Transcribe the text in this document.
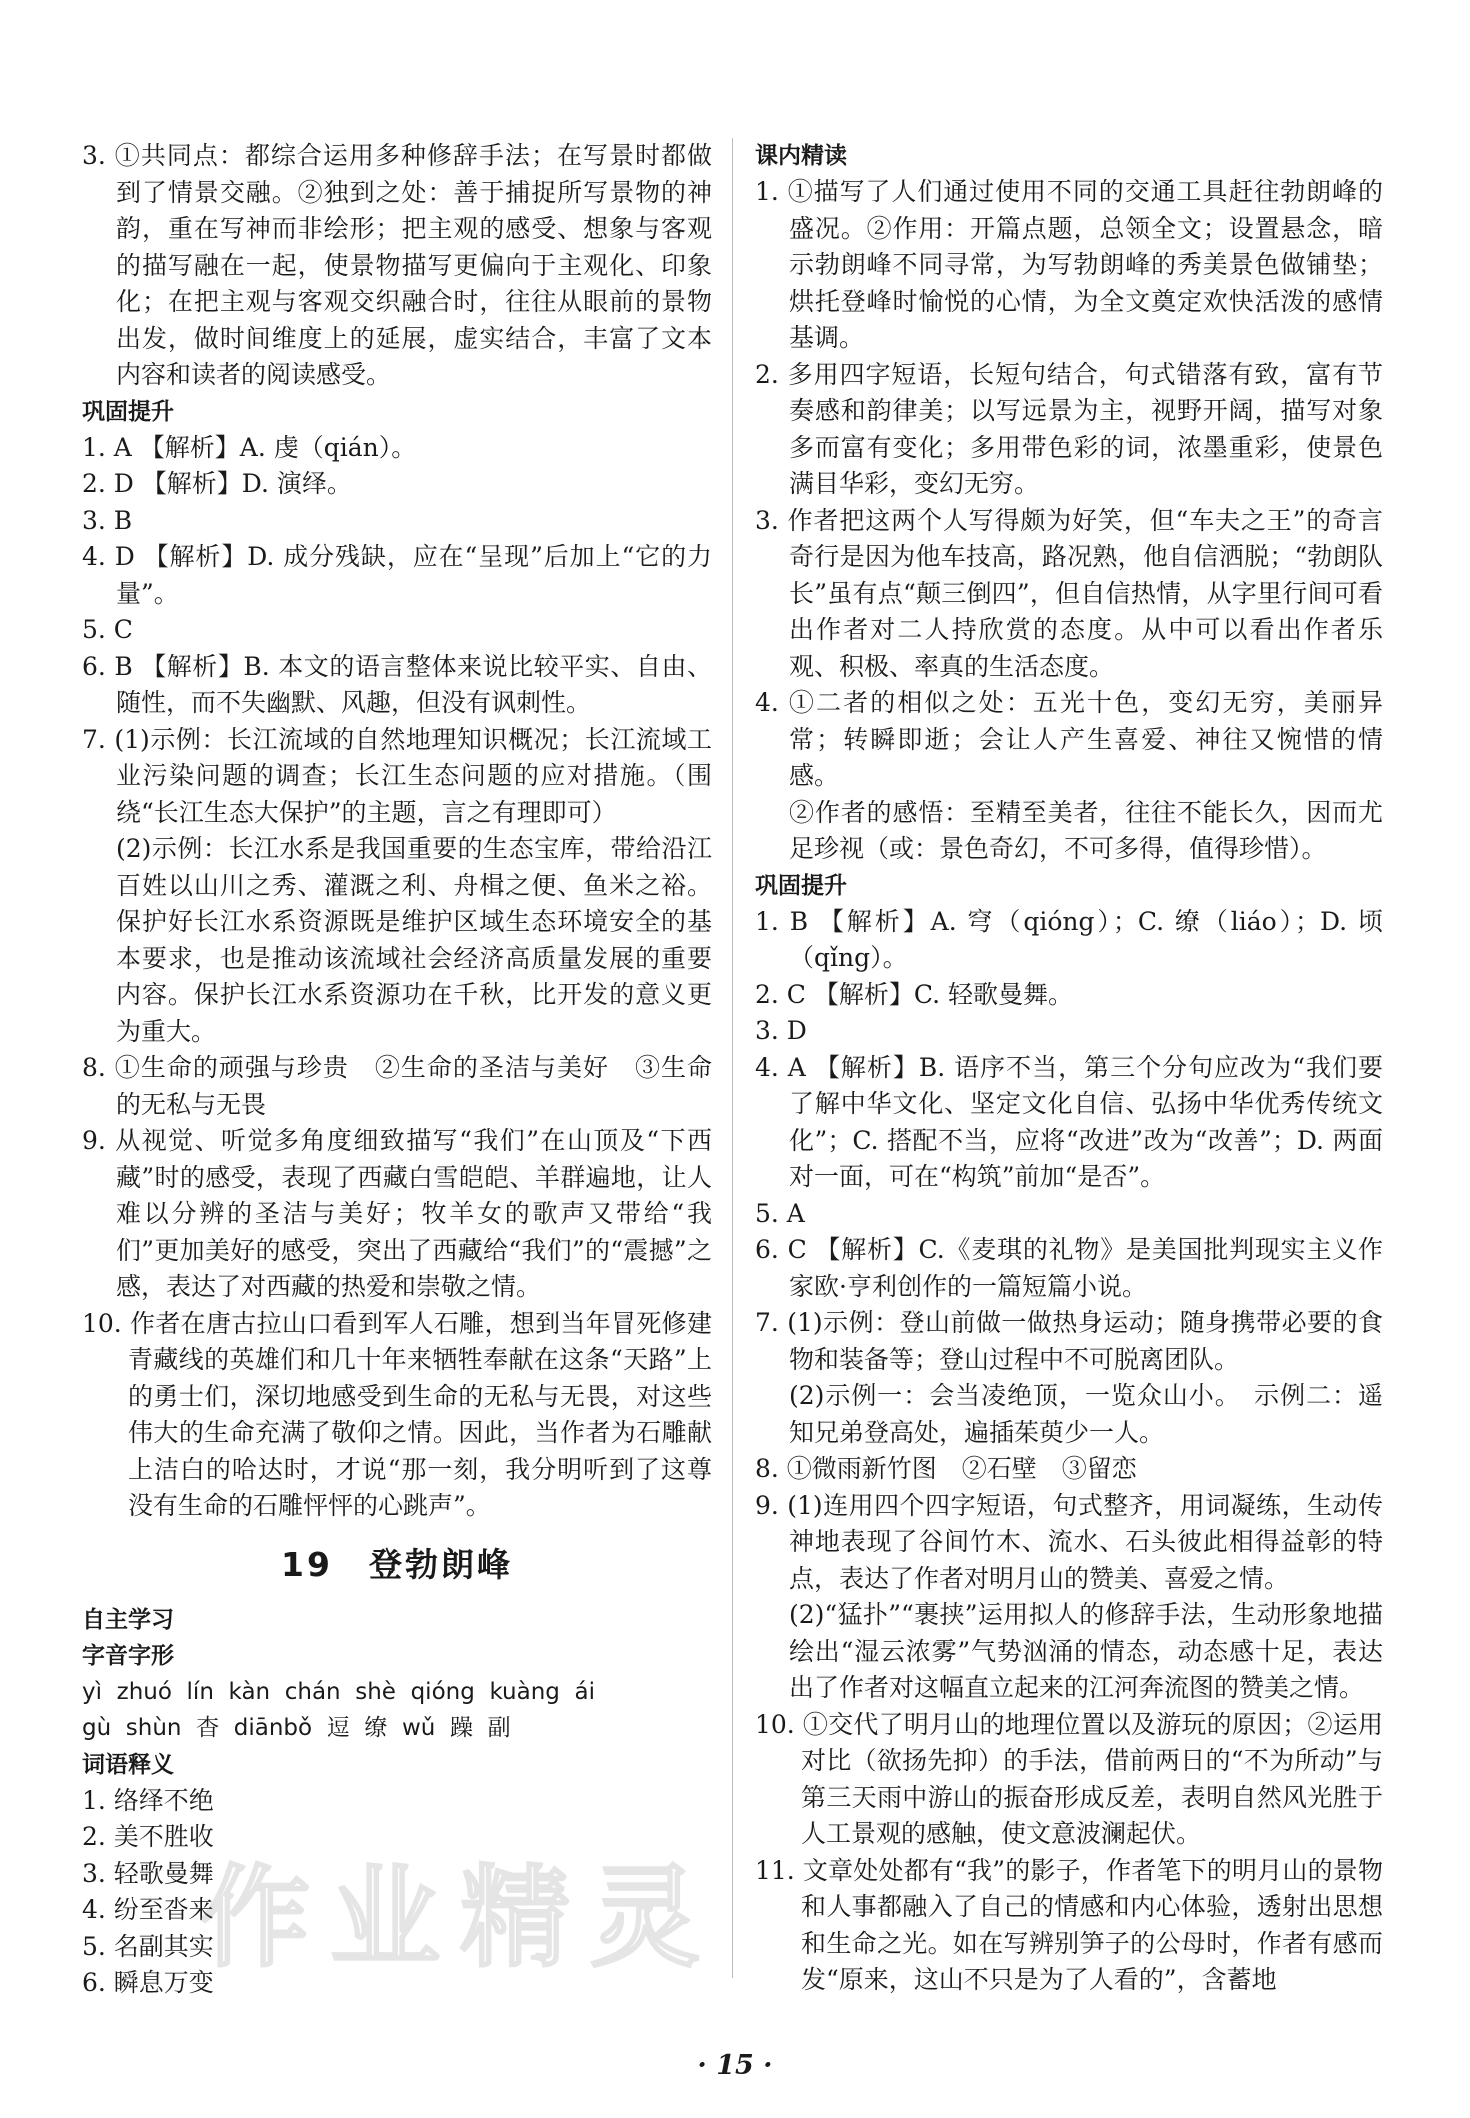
3. ①共同点：都综合运用多种修辞手法；在写景时都做到了情景交融。②独到之处：善于捕捉所写景物的神韵，重在写神而非绘形；把主观的感受、想象与客观的描写融在一起，使景物描写更偏向于主观化、印象化；在把主观与客观交织融合时，往往从眼前的景物出发，做时间维度上的延展，虚实结合，丰富了文本内容和读者的阅读感受。

巩固提升

1. A 【解析】A. 虔（qián）。

2. D 【解析】D. 演绎。

3. B

4. D 【解析】D. 成分残缺，应在“呈现”后加上“它的力量”。

5. C

6. B 【解析】B. 本文的语言整体来说比较平实、自由、随性，而不失幽默、风趣，但没有讽刺性。

7. (1)示例：长江流域的自然地理知识概况；长江流域工业污染问题的调查；长江生态问题的应对措施。（围绕“长江生态大保护”的主题，言之有理即可）

(2)示例：长江水系是我国重要的生态宝库，带给沿江百姓以山川之秀、灌溉之利、舟楫之便、鱼米之裕。保护好长江水系资源既是维护区域生态环境安全的基本要求，也是推动该流域社会经济高质量发展的重要内容。保护长江水系资源功在千秋，比开发的意义更为重大。

8. ①生命的顽强与珍贵　②生命的圣洁与美好　③生命的无私与无畏

9. 从视觉、听觉多角度细致描写“我们”在山顶及“下西藏”时的感受，表现了西藏白雪皑皑、羊群遍地，让人难以分辨的圣洁与美好；牧羊女的歌声又带给“我们”更加美好的感受，突出了西藏给“我们”的“震撼”之感，表达了对西藏的热爱和崇敬之情。

10. 作者在唐古拉山口看到军人石雕，想到当年冒死修建青藏线的英雄们和几十年来牺牲奉献在这条“天路”上的勇士们，深切地感受到生命的无私与无畏，对这些伟大的生命充满了敬仰之情。因此，当作者为石雕献上洁白的哈达时，才说“那一刻，我分明听到了这尊没有生命的石雕怦怦的心跳声”。

19　登勃朗峰

自主学习

字音字形

yì  zhuó  lín  kàn  chán  shè  qióng  kuàng  ái

gù  shùn  杳  diānbǒ  逗  缭  wǔ  躁  副

词语释义

1. 络绎不绝

2. 美不胜收

3. 轻歌曼舞

4. 纷至沓来

5. 名副其实

6. 瞬息万变

课内精读

1. ①描写了人们通过使用不同的交通工具赶往勃朗峰的盛况。②作用：开篇点题，总领全文；设置悬念，暗示勃朗峰不同寻常，为写勃朗峰的秀美景色做铺垫；烘托登峰时愉悦的心情，为全文奠定欢快活泼的感情基调。

2. 多用四字短语，长短句结合，句式错落有致，富有节奏感和韵律美；以写远景为主，视野开阔，描写对象多而富有变化；多用带色彩的词，浓墨重彩，使景色满目华彩，变幻无穷。

3. 作者把这两个人写得颇为好笑，但“车夫之王”的奇言奇行是因为他车技高，路况熟，他自信洒脱；“勃朗队长”虽有点“颠三倒四”，但自信热情，从字里行间可看出作者对二人持欣赏的态度。从中可以看出作者乐观、积极、率真的生活态度。

4. ①二者的相似之处：五光十色，变幻无穷，美丽异常；转瞬即逝；会让人产生喜爱、神往又惋惜的情感。

②作者的感悟：至精至美者，往往不能长久，因而尤足珍视（或：景色奇幻，不可多得，值得珍惜）。

巩固提升

1. B 【解析】A. 穹（qióng）；C. 缭（liáo）；D. 顷（qǐng）。

2. C 【解析】C. 轻歌曼舞。

3. D

4. A 【解析】B. 语序不当，第三个分句应改为“我们要了解中华文化、坚定文化自信、弘扬中华优秀传统文化”；C. 搭配不当，应将“改进”改为“改善”；D. 两面对一面，可在“构筑”前加“是否”。

5. A

6. C 【解析】C.《麦琪的礼物》是美国批判现实主义作家欧·亨利创作的一篇短篇小说。

7. (1)示例：登山前做一做热身运动；随身携带必要的食物和装备等；登山过程中不可脱离团队。

(2)示例一：会当凌绝顶，一览众山小。　示例二：遥知兄弟登高处，遍插茱萸少一人。

8. ①微雨新竹图　②石壁　③留恋

9. (1)连用四个四字短语，句式整齐，用词凝练，生动传神地表现了谷间竹木、流水、石头彼此相得益彰的特点，表达了作者对明月山的赞美、喜爱之情。

(2)“猛扑”“裹挟”运用拟人的修辞手法，生动形象地描绘出“湿云浓雾”气势汹涌的情态，动态感十足，表达出了作者对这幅直立起来的江河奔流图的赞美之情。

10. ①交代了明月山的地理位置以及游玩的原因；②运用对比（欲扬先抑）的手法，借前两日的“不为所动”与第三天雨中游山的振奋形成反差，表明自然风光胜于人工景观的感触，使文意波澜起伏。

11. 文章处处都有“我”的影子，作者笔下的明月山的景物和人事都融入了自己的情感和内心体验，透射出思想和生命之光。如在写辨别笋子的公母时，作者有感而发“原来，这山不只是为了人看的”，含蓄地

作业精灵
· 15 ·
